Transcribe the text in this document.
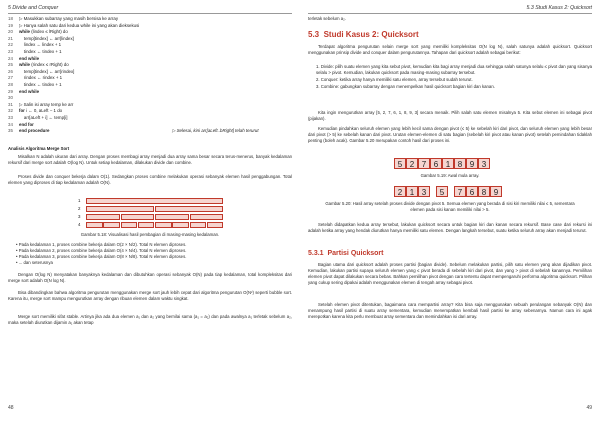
5 Divide and Conquer
18 ▷ Masukkan subarray yang masih bersisa ke array
19 ▷ Hanya salah satu dari kedua while ini yang akan dieksekusi
20 while (lindex ≤ lRight) do
21    temp[tindex] ← arr[lindex]
22    lindex ← lindex + 1
23    tindex ← tindex + 1
24 end while
25 while (rindex ≤ rRight) do
26    temp[tindex] ← arr[rindex]
27    rindex ← rindex + 1
28    tindex ← tindex + 1
29 end while
30
31 ▷ Salin isi array temp ke arr
32 for i ← 0, aLeft − 1 do
33    arr[aLeft + i] ← temp[i]
34 end for
35 end procedure	▷ Selesai, kini arr[aLeft..bRight] telah terurut
Analisis Algoritma Merge Sort
Misalkan N adalah ukuran dari array. Dengan proses membagi array menjadi dua array sama besar secara terus-menerus, banyak kedalaman rekursif dari merge sort adalah O(log N). Untuk setiap kedalaman, dilakukan divide dan combine.
Proses divide dan conquer bekerja dalam O(1). Sedangkan proses combine melakukan operasi sebanyak elemen hasil penggabungan. Total elemen yang diproses di tiap kedalaman adalah O(N).
1
2
3
4
Gambar 5.18: Visualisasi hasil pembagian di masing-masing kedalaman.
• Pada kedalaman 1, proses combine bekerja dalam O(2 × N/2). Total N elemen diproses.
• Pada kedalaman 2, proses combine bekerja dalam O(4 × N/4). Total N elemen diproses.
• Pada kedalaman 3, proses combine bekerja dalam O(8 × N/8). Total N elemen diproses.
• ... dan seterusnya
Dengan O(log N) menyatakan banyaknya kedalaman dan dibutuhkan operasi sebanyak O(N) pada tiap kedalaman, total kompleksitas dari merge sort adalah O(N log N).
Bisa dibandingkan bahwa algoritma pengurutan menggunakan merge sort jauh lebih cepat dari algoritma pengurutan O(N²) seperti bubble sort. Karena itu, merge sort mampu mengurutkan array dengan ribuan elemen dalam waktu singkat.
Merge sort memiliki sifat stable. Artinya jika ada dua elemen a₁ dan a₂ yang bernilai sama (a₁ = a₂) dan pada awalnya a₁ terletak sebelum a₂, maka setelah diurutkan dijamin a₁ akan tetap
48
5.3 Studi Kasus 2: Quicksort
terletak sebelum a₂.
5.3 Studi Kasus 2: Quicksort
Terdapat algoritma pengurutan selain merge sort yang memiliki kompleksitas O(N log N), salah satunya adalah quicksort. Quicksort menggunakan prinsip divide and conquer dalam pengurutannya. Tahapan dari quicksort adalah sebagai berikut:
1. Divide: pilih suatu elemen yang kita sebut pivot, kemudian kita bagi array menjadi dua sehingga salah satunya selalu ≤ pivot dan yang sisanya selalu > pivot. Kemudian, lakukan quicksort pada masing-masing subarray tersebut.
2. Conquer: ketika array hanya memiliki satu elemen, array tersebut sudah terurut.
3. Combine: gabungkan subarray dengan menempelkan hasil quicksort bagian kiri dan kanan.
Kita ingin mengurutkan array [5, 2, 7, 6, 1, 8, 9, 3] secara menaik. Pilih salah satu elemen misalnya 5. Kita sebut elemen ini sebagai pivot (pijakan).
Kemudian pindahkan seluruh elemen yang lebih kecil sama dengan pivot (≤ 5) ke sebelah kiri dari pivot, dan seluruh elemen yang lebih besar dari pivot (> 5) ke sebelah kanan dari pivot. Urutan elemen-elemen di satu bagian (sebelah kiri pivot atau kanan pivot) setelah pemindahan tidaklah penting (boleh acak). Gambar 5.20 merupakan contoh hasil dari proses ini.
5 2 7 6 1 8 9 3
Gambar 5.19: Awal mula array.
2 1 3	5	7 6 8 9
Gambar 5.20: Hasil array setelah proses divide dengan pivot 5. Semua elemen yang berada di sisi kiri memiliki nilai ≤ 5, sementara elemen pada sisi kanan memiliki nilai > 5.
Setelah didapatkan kedua array tersebut, lakukan quicksort secara untuk bagian kiri dan kanan secara rekursif. Base case dari rekursi ini adalah ketika array yang hendak diurutkan hanya memiliki satu elemen. Dengan langkah tersebut, suatu ketika seluruh array akan menjadi terurut.
5.3.1 Partisi Quicksort
Bagian utama dari quicksort adalah proses partisi (bagian divide). Sebelum melakukan partisi, pilih satu elemen yang akan dijadikan pivot. Kemudian, lakukan partisi supaya seluruh elemen yang ≤ pivot berada di sebelah kiri dari pivot, dan yang > pivot di sebelah kanannya. Pemilihan elemen pivot dapat dilakukan secara bebas. Bahkan pemilihan pivot dengan cara tertentu dapat mempengaruhi performa algoritma quicksort. Pilihan yang cukup sering dipakai adalah menggunakan elemen di tengah array sebagai pivot.
Setelah elemen pivot ditentukan, bagaimana cara mempartisi array? Kita bisa saja menggunakan sebuah perulangan sebanyak O(N) dan menampung hasil partisi di suatu array sementara, kemudian menempatkan kembali hasil partisi ke array sebenarnya. Namun cara ini agak merepotkan karena kita perlu membuat array sementara dan memindahkan isi dari array.
49
